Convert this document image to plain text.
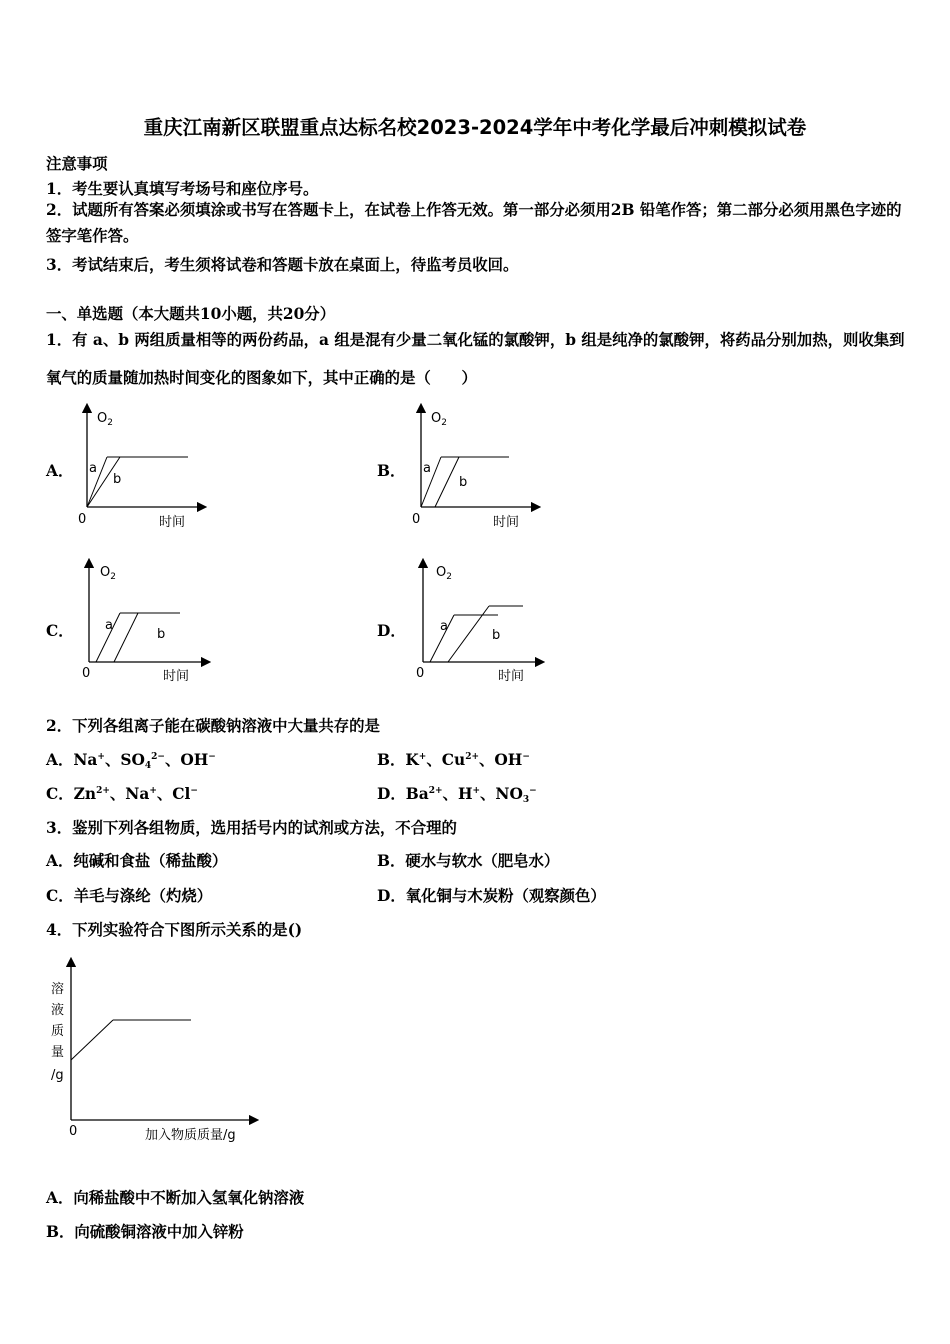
重庆江南新区联盟重点达标名校2023-2024学年中考化学最后冲刺模拟试卷
注意事项
1．考生要认真填写考场号和座位序号。
2．试题所有答案必须填涂或书写在答题卡上，在试卷上作答无效。第一部分必须用2B 铅笔作答；第二部分必须用黑色字迹的签字笔作答。
3．考试结束后，考生须将试卷和答题卡放在桌面上，待监考员收回。
一、单选题（本大题共10小题，共20分）
1．有 a、b 两组质量相等的两份药品，a 组是混有少量二氧化锰的氯酸钾，b 组是纯净的氯酸钾，将药品分别加热，则收集到氧气的质量随加热时间变化的图象如下，其中正确的是（　　）
A．	B．
C．	D．
$O_2$
0	时间
a
b
$O_2$
0	时间
a
b
$O_2$
0	时间
a
b
$O_2$
0	时间
a
b
2．下列各组离子能在碳酸钠溶液中大量共存的是
A．Na+、$SO_4^{2-}$、OH−	B．K+、$Cu^{2+}$、OH−
C．$Zn^{2+}$、Na+、Cl−	D．$Ba^{2+}$、H+、$NO_3^-$
3．鉴别下列各组物质，选用括号内的试剂或方法，不合理的
A．纯碱和食盐（稀盐酸）	B．硬水与软水（肥皂水）
C．羊毛与涤纶（灼烧）	D．氧化铜与木炭粉（观察颜色）
4．下列实验符合下图所示关系的是()
溶
液
质
量
/g
0	加入物质质量/g
A．向稀盐酸中不断加入氢氧化钠溶液
B．向硫酸铜溶液中加入锌粉
